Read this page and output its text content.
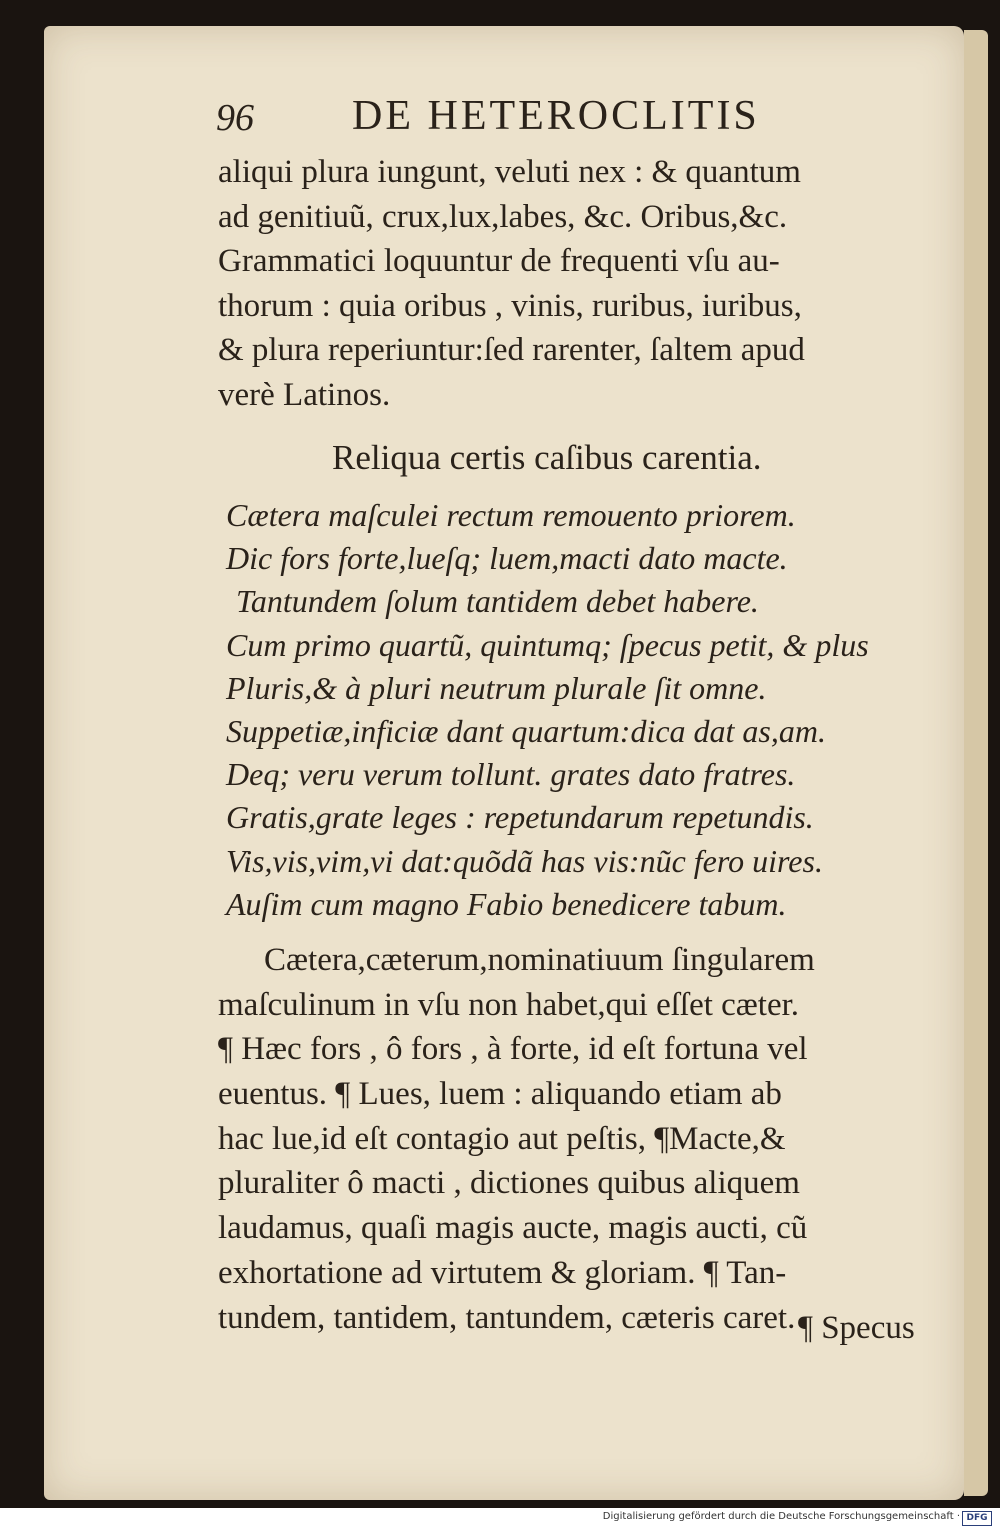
96 DE HETEROCLITIS
aliqui plura iungunt, veluti nex : & quantum
ad genitiuũ, crux,lux,labes, &c. Oribus,&c.
Grammatici loquuntur de frequenti vſu au-
thorum : quia oribus , vinis, ruribus, iuribus,
& plura reperiuntur:ſed rarenter, ſaltem apud
verè Latinos.
Reliqua certis caſibus carentia.
Cætera maſculei rectum remouento priorem.
Dic fors forte,lueſq; luem,macti dato macte.
Tantundem ſolum tantidem debet habere.
Cum primo quartũ, quintumq; ſpecus petit, & plus
Pluris,& à pluri neutrum plurale ſit omne.
Suppetiæ,inficiæ dant quartum:dica dat as,am.
Deq; veru verum tollunt. grates dato fratres.
Gratis,grate leges : repetundarum repetundis.
Vis,vis,vim,vi dat:quõdã has vis:nũc fero uires.
Auſim cum magno Fabio benedicere tabum.
Cætera,cæterum,nominatiuum ſingularem
maſculinum in vſu non habet,qui eſſet cæter.
¶ Hæc fors , ô fors , à forte, id eſt fortuna vel
euentus. ¶ Lues, luem : aliquando etiam ab
hac lue,id eſt contagio aut peſtis, ¶Macte,&
pluraliter ô macti , dictiones quibus aliquem
laudamus, quaſi magis aucte, magis aucti, cũ
exhortatione ad virtutem & gloriam. ¶ Tan-
tundem, tantidem, tantundem, cæteris caret. ¶ Specus
Digitalisierung gefördert durch die Deutsche Forschungsgemeinschaft · DFG
